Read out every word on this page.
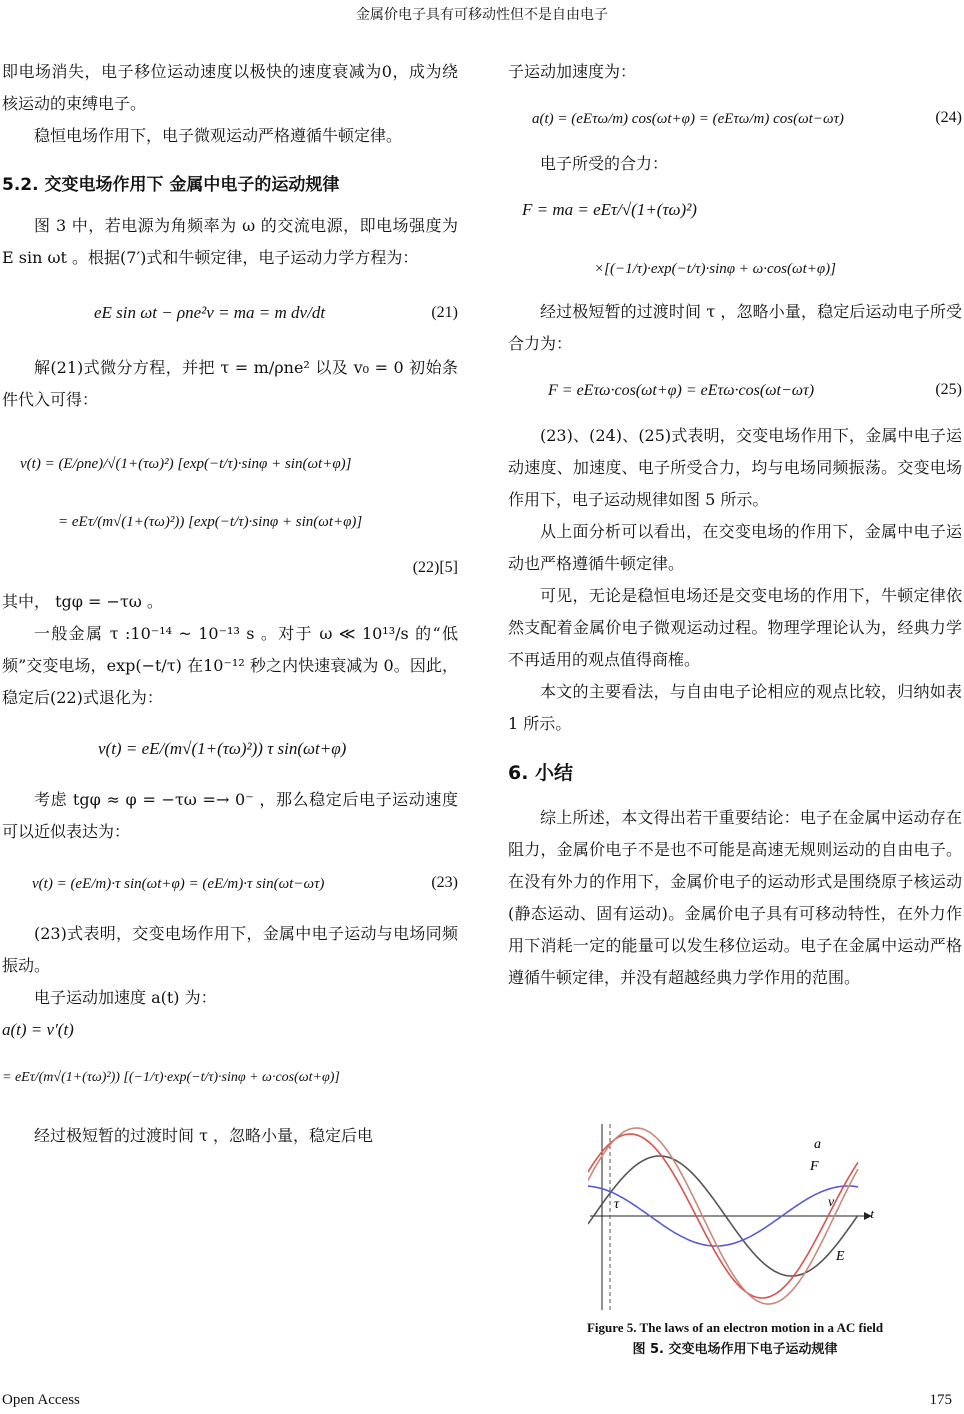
金属价电子具有可移动性但不是自由电子

即电场消失，电子移位运动速度以极快的速度衰减为0，成为绕核运动的束缚电子。

稳恒电场作用下，电子微观运动严格遵循牛顿定律。

5.2. 交变电场作用下 金属中电子的运动规律

图 3 中，若电源为角频率为 ω 的交流电源，即电场强度为 E sin ωt 。根据(7′)式和牛顿定律，电子运动力学方程为：

eE sin ωt − ρne²v = ma = m dv/dt	(21)

解(21)式微分方程，并把 τ = m/ρne² 以及 v₀ = 0 初始条件代入可得：

v(t) = (E/ρne)/√(1+(τω)²) [exp(−t/τ)·sinφ + sin(ωt+φ)]
= eEτ/(m√(1+(τω)²)) [exp(−t/τ)·sinφ + sin(ωt+φ)]
(22)[5]

其中， tgφ = −τω 。

一般金属 τ :10⁻¹⁴ ~ 10⁻¹³ s 。对于 ω ≪ 10¹³/s 的“低频”交变电场，exp(−t/τ) 在10⁻¹² 秒之内快速衰减为 0。因此，稳定后(22)式退化为：

v(t) = eE/(m√(1+(τω)²)) τ sin(ωt+φ)

考虑 tgφ ≈ φ = −τω =→ 0⁻ ，那么稳定后电子运动速度可以近似表达为：

v(t) = (eE/m)·τ sin(ωt+φ) = (eE/m)·τ sin(ωt−ωτ)	(23)

(23)式表明，交变电场作用下，金属中电子运动与电场同频振动。

电子运动加速度 a(t) 为：

a(t) = v′(t)
= eEτ/(m√(1+(τω)²)) [(−1/τ)·exp(−t/τ)·sinφ + ω·cos(ωt+φ)]

经过极短暂的过渡时间 τ ，忽略小量，稳定后电

子运动加速度为：

a(t) = (eEτω/m) cos(ωt+φ) = (eEτω/m) cos(ωt−ωτ)	(24)

电子所受的合力：

F = ma = eEτ/√(1+(τω)²)
×[(−1/τ)·exp(−t/τ)·sinφ + ω·cos(ωt+φ)]

经过极短暂的过渡时间 τ ，忽略小量，稳定后运动电子所受合力为：

F = eEτω·cos(ωt+φ) = eEτω·cos(ωt−ωτ)	(25)

(23)、(24)、(25)式表明，交变电场作用下，金属中电子运动速度、加速度、电子所受合力，均与电场同频振荡。交变电场作用下，电子运动规律如图 5 所示。

从上面分析可以看出，在交变电场的作用下，金属中电子运动也严格遵循牛顿定律。

可见，无论是稳恒电场还是交变电场的作用下，牛顿定律依然支配着金属价电子微观运动过程。物理学理论认为，经典力学不再适用的观点值得商榷。

本文的主要看法，与自由电子论相应的观点比较，归纳如表 1 所示。

6. 小结

综上所述，本文得出若干重要结论：电子在金属中运动存在阻力，金属价电子不是也不可能是高速无规则运动的自由电子。在没有外力的作用下，金属价电子的运动形式是围绕原子核运动(静态运动、固有运动)。金属价电子具有可移动特性，在外力作用下消耗一定的能量可以发生移位运动。电子在金属中运动严格遵循牛顿定律，并没有超越经典力学作用的范围。

a
F
v
t
E
τ
Figure 5. The laws of an electron motion in a AC field
图 5. 交变电场作用下电子运动规律
Open Access	175
